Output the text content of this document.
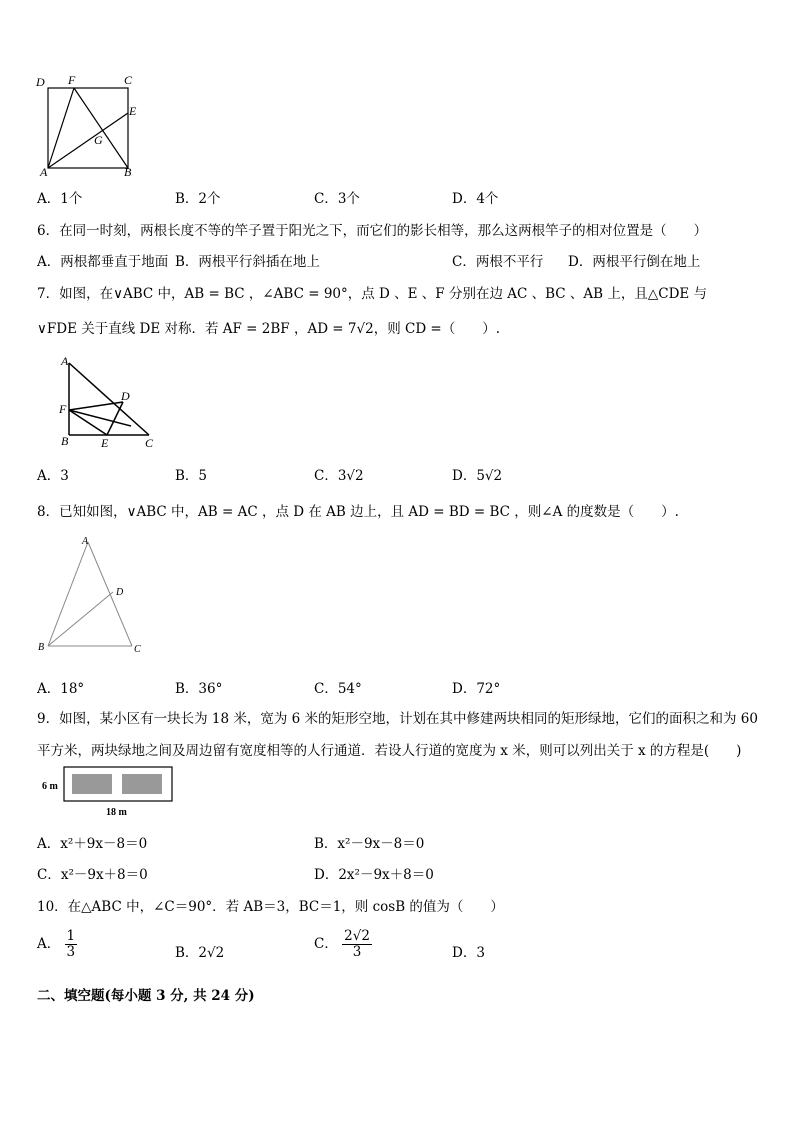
D F	C
E
G
A	B
A．1个	B．2个	C．3个	D．4个
6．在同一时刻，两根长度不等的竿子置于阳光之下，而它们的影长相等，那么这两根竿子的相对位置是（　　）
A．两根都垂直于地面 B．两根平行斜插在地上	C．两根不平行 D．两根平行倒在地上
7．如图，在∨ABC 中，AB = BC ，∠ABC = 90°，点 D 、E 、F 分别在边 AC 、BC 、AB 上，且△CDE 与
∨FDE 关于直线 DE 对称．若 AF = 2BF ，AD = 7√2，则 CD =（　　）.
A
F
D
B	E	C
A．3	B．5	C．3√2	D．5√2
8．已知如图，∨ABC 中，AB = AC ，点 D 在 AB 边上，且 AD = BD = BC ，则∠A 的度数是（　　）.
A
D
B	C
A．18°	B．36°	C．54°	D．72°
9．如图，某小区有一块长为 18 米，宽为 6 米的矩形空地，计划在其中修建两块相同的矩形绿地，它们的面积之和为 60
平方米，两块绿地之间及周边留有宽度相等的人行通道．若设人行道的宽度为 x 米，则可以列出关于 x 的方程是(　　)
6 m
18 m
A．x²＋9x－8＝0	B．x²－9x－8＝0
C．x²－9x＋8＝0	D．2x²－9x＋8＝0
10．在△ABC 中，∠C＝90°．若 AB＝3，BC＝1，则 cosB 的值为（　　）
A． $\frac{1}{3}$	B．2√2
C． $\frac{2√2}{3}$	D．3
二、填空题(每小题 3 分, 共 24 分)
